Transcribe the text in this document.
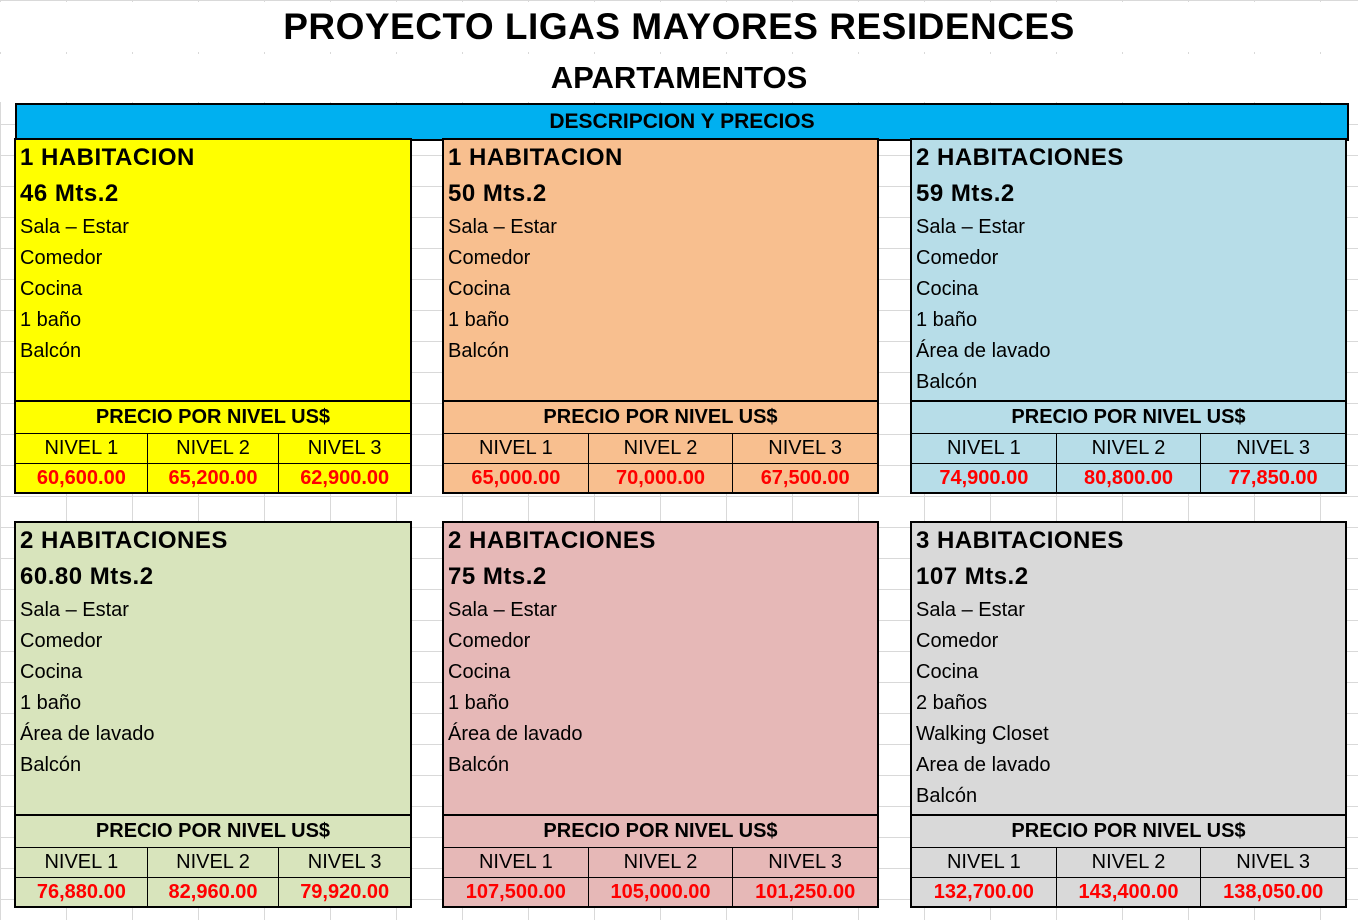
PROYECTO LIGAS MAYORES RESIDENCES
APARTAMENTOS
DESCRIPCION Y PRECIOS
1 HABITACION
46 Mts.2
Sala – Estar
Comedor
Cocina
1 baño
Balcón
PRECIO POR NIVEL US$
NIVEL 1	NIVEL 2	NIVEL 3
60,600.00	65,200.00	62,900.00
1 HABITACION
50 Mts.2
Sala – Estar
Comedor
Cocina
1 baño
Balcón
PRECIO POR NIVEL US$
NIVEL 1	NIVEL 2	NIVEL 3
65,000.00	70,000.00	67,500.00
2 HABITACIONES
59 Mts.2
Sala – Estar
Comedor
Cocina
1 baño
Área de lavado
Balcón
PRECIO POR NIVEL US$
NIVEL 1	NIVEL 2	NIVEL 3
74,900.00	80,800.00	77,850.00
2 HABITACIONES
60.80 Mts.2
Sala – Estar
Comedor
Cocina
1 baño
Área de lavado
Balcón
PRECIO POR NIVEL US$
NIVEL 1	NIVEL 2	NIVEL 3
76,880.00	82,960.00	79,920.00
2 HABITACIONES
75 Mts.2
Sala – Estar
Comedor
Cocina
1 baño
Área de lavado
Balcón
PRECIO POR NIVEL US$
NIVEL 1	NIVEL 2	NIVEL 3
107,500.00	105,000.00	101,250.00
3 HABITACIONES
107 Mts.2
Sala – Estar
Comedor
Cocina
2 baños
Walking Closet
Area de lavado
Balcón
PRECIO POR NIVEL US$
NIVEL 1	NIVEL 2	NIVEL 3
132,700.00	143,400.00	138,050.00
